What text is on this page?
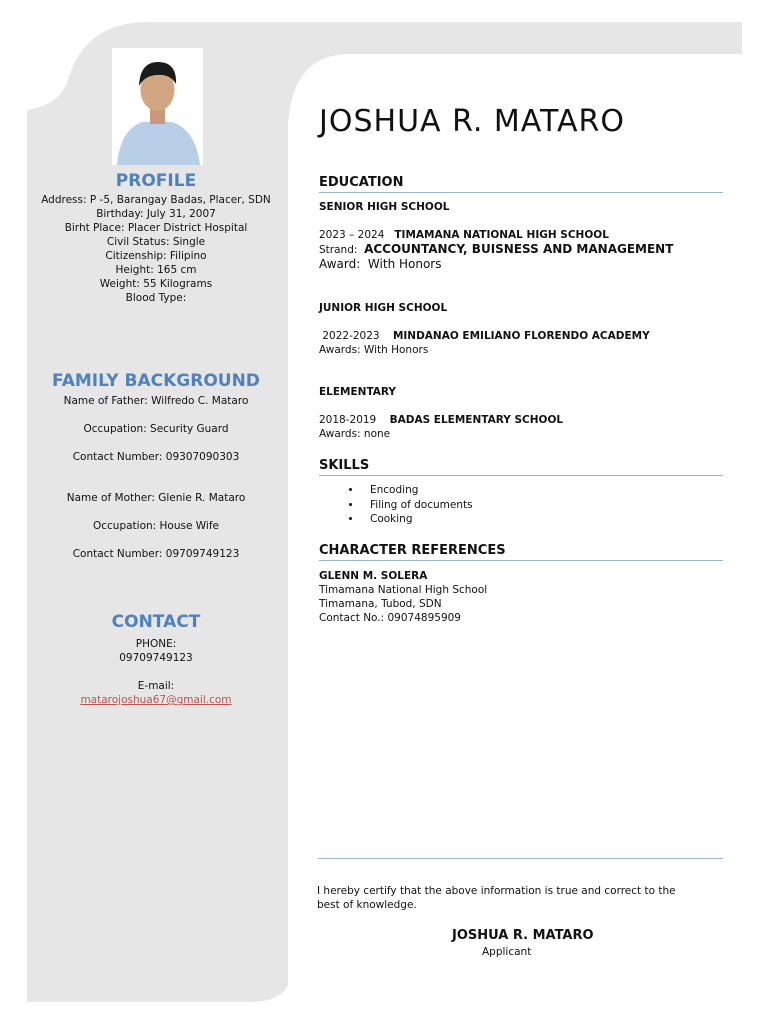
PROFILE
Address: P -5, Barangay Badas, Placer, SDN
Birthday: July 31, 2007
Birht Place: Placer District Hospital
Civil Status: Single
Citizenship: Filipino
Height: 165 cm
Weight: 55 Kilograms
Blood Type:
FAMILY BACKGROUND
Name of Father: Wilfredo C. Mataro
Occupation: Security Guard
Contact Number: 09307090303
Name of Mother: Glenie R. Mataro
Occupation: House Wife
Contact Number: 09709749123
CONTACT
PHONE:
09709749123
E-mail:
matarojoshua67@gmail.com
JOSHUA R. MATARO
EDUCATION
SENIOR HIGH SCHOOL
2023 – 2024 TIMAMANA NATIONAL HIGH SCHOOL
Strand: ACCOUNTANCY, BUISNESS AND MANAGEMENT
Award: With Honors
JUNIOR HIGH SCHOOL
2022-2023 MINDANAO EMILIANO FLORENDO ACADEMY
Awards: With Honors
ELEMENTARY
2018-2019 BADAS ELEMENTARY SCHOOL
Awards: none
SKILLS
• Encoding
• Filing of documents
• Cooking
CHARACTER REFERENCES
GLENN M. SOLERA
Timamana National High School
Timamana, Tubod, SDN
Contact No.: 09074895909
I hereby certify that the above information is true and correct to the best of knowledge.
JOSHUA R. MATARO
Applicant
